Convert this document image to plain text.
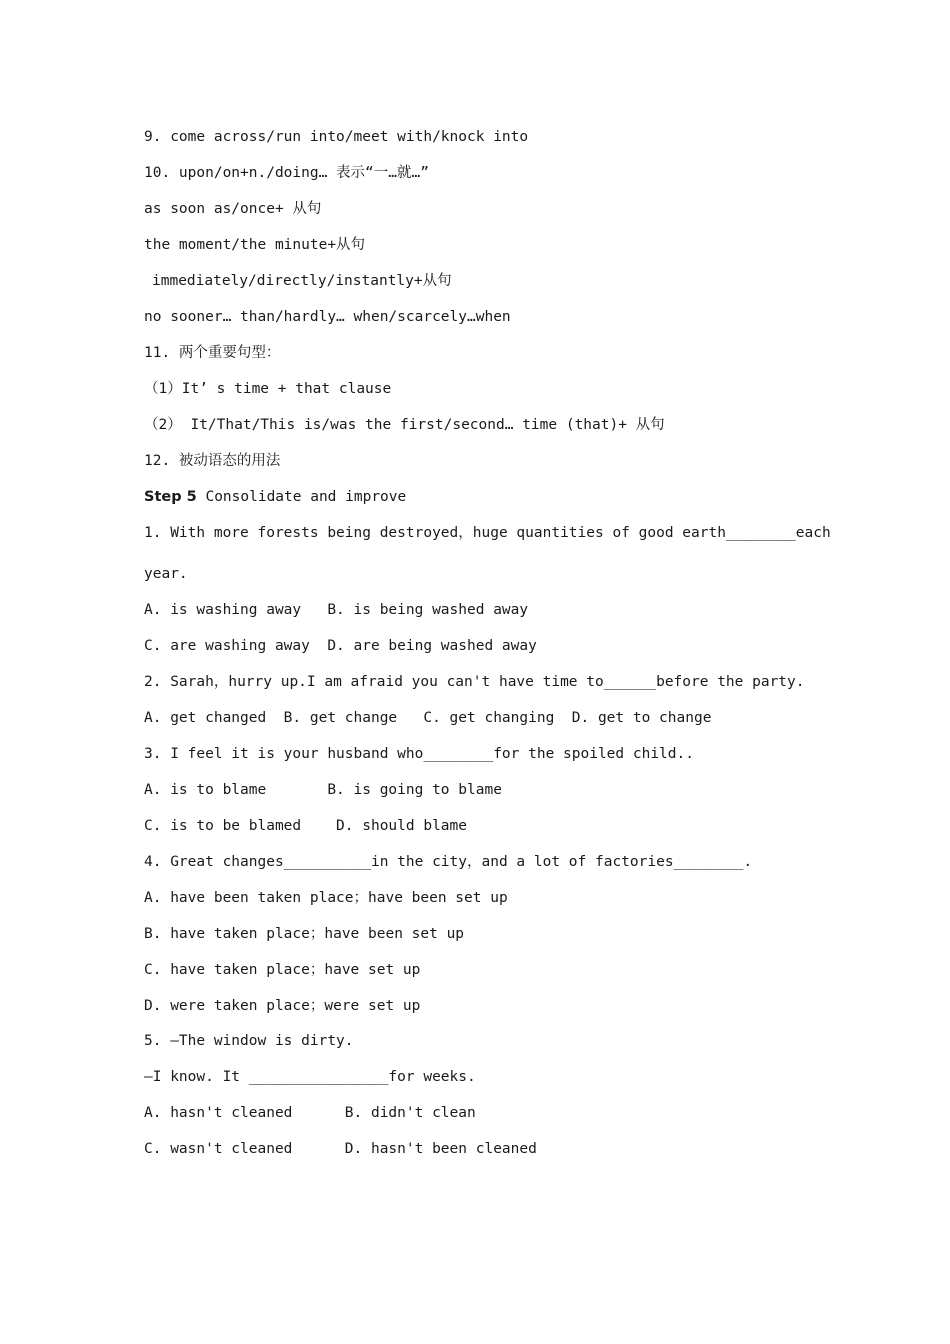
9. come across/run into/meet with/knock into
10. upon/on+n./doing… 表示“一…就…”
as soon as/once+ 从句
the moment/the minute+从句
immediately/directly/instantly+从句
no sooner… than/hardly… when/scarcely…when
11. 两个重要句型：
（1）It’ s time + that clause
（2） It/That/This is/was the first/second… time (that)+ 从句
12. 被动语态的用法
Step 5 Consolidate and improve
1. With more forests being destroyed，huge quantities of good earth________each
year.
A. is washing away   B. is being washed away
C. are washing away  D. are being washed away
2. Sarah，hurry up.I am afraid you can't have time to______before the party.
A. get changed  B. get change   C. get changing  D. get to change
3. I feel it is your husband who________for the spoiled child..
A. is to blame       B. is going to blame
C. is to be blamed    D. should blame
4. Great changes__________in the city，and a lot of factories________.
A. have been taken place；have been set up
B. have taken place；have been set up
C. have taken place；have set up
D. were taken place；were set up
5. —The window is dirty.
—I know. It ________________for weeks.
A. hasn't cleaned      B. didn't clean
C. wasn't cleaned      D. hasn't been cleaned
